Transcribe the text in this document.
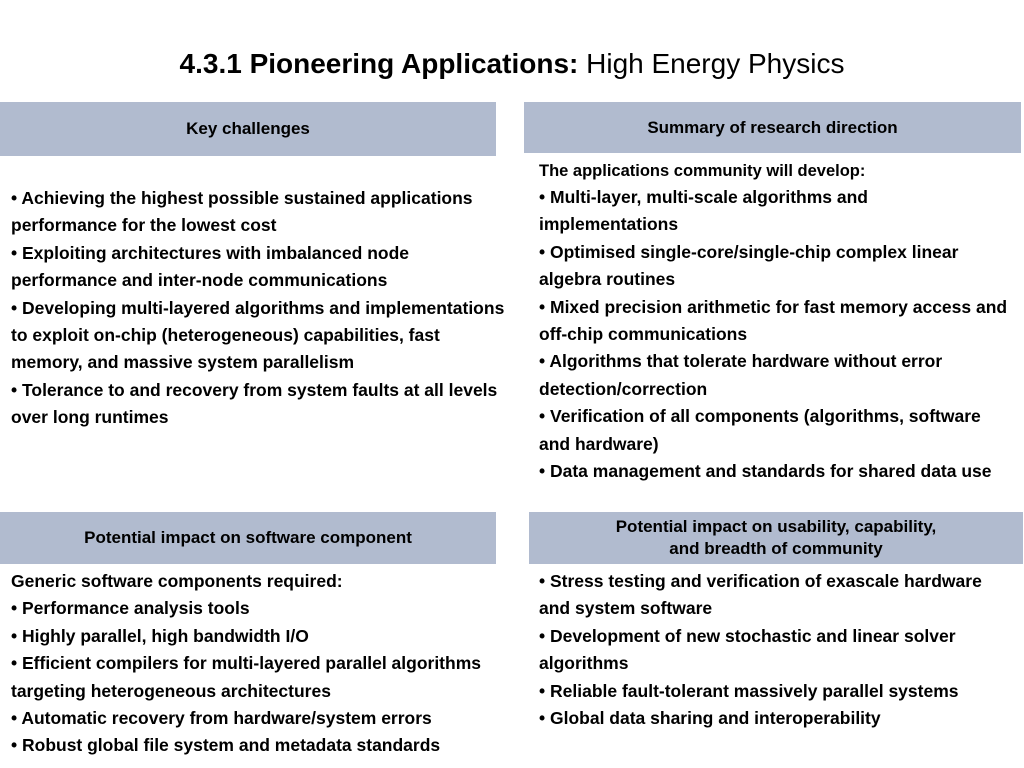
4.3.1 Pioneering Applications: High Energy Physics
Key challenges
• Achieving the highest possible sustained applications performance for the lowest cost
• Exploiting architectures with imbalanced node performance and inter-node communications
• Developing multi-layered algorithms and implementations to exploit on-chip (heterogeneous) capabilities, fast memory, and massive system parallelism
• Tolerance to and recovery from system faults at all levels over long runtimes
Summary of research direction
The applications community will develop:
• Multi-layer, multi-scale algorithms and implementations
• Optimised single-core/single-chip complex linear algebra routines
• Mixed precision arithmetic for fast memory access and off-chip communications
• Algorithms that tolerate hardware without error detection/correction
• Verification of all components (algorithms, software and hardware)
• Data management and standards for shared data use
Potential impact on software component
Generic software components required:
• Performance analysis tools
• Highly parallel, high bandwidth I/O
• Efficient compilers for multi-layered parallel algorithms targeting heterogeneous architectures
• Automatic recovery from hardware/system errors
• Robust global file system and metadata standards
Potential impact on usability, capability,
and breadth of community
• Stress testing and verification of exascale hardware and system software
• Development of new stochastic and linear solver algorithms
• Reliable fault-tolerant massively parallel systems
• Global data sharing and interoperability
